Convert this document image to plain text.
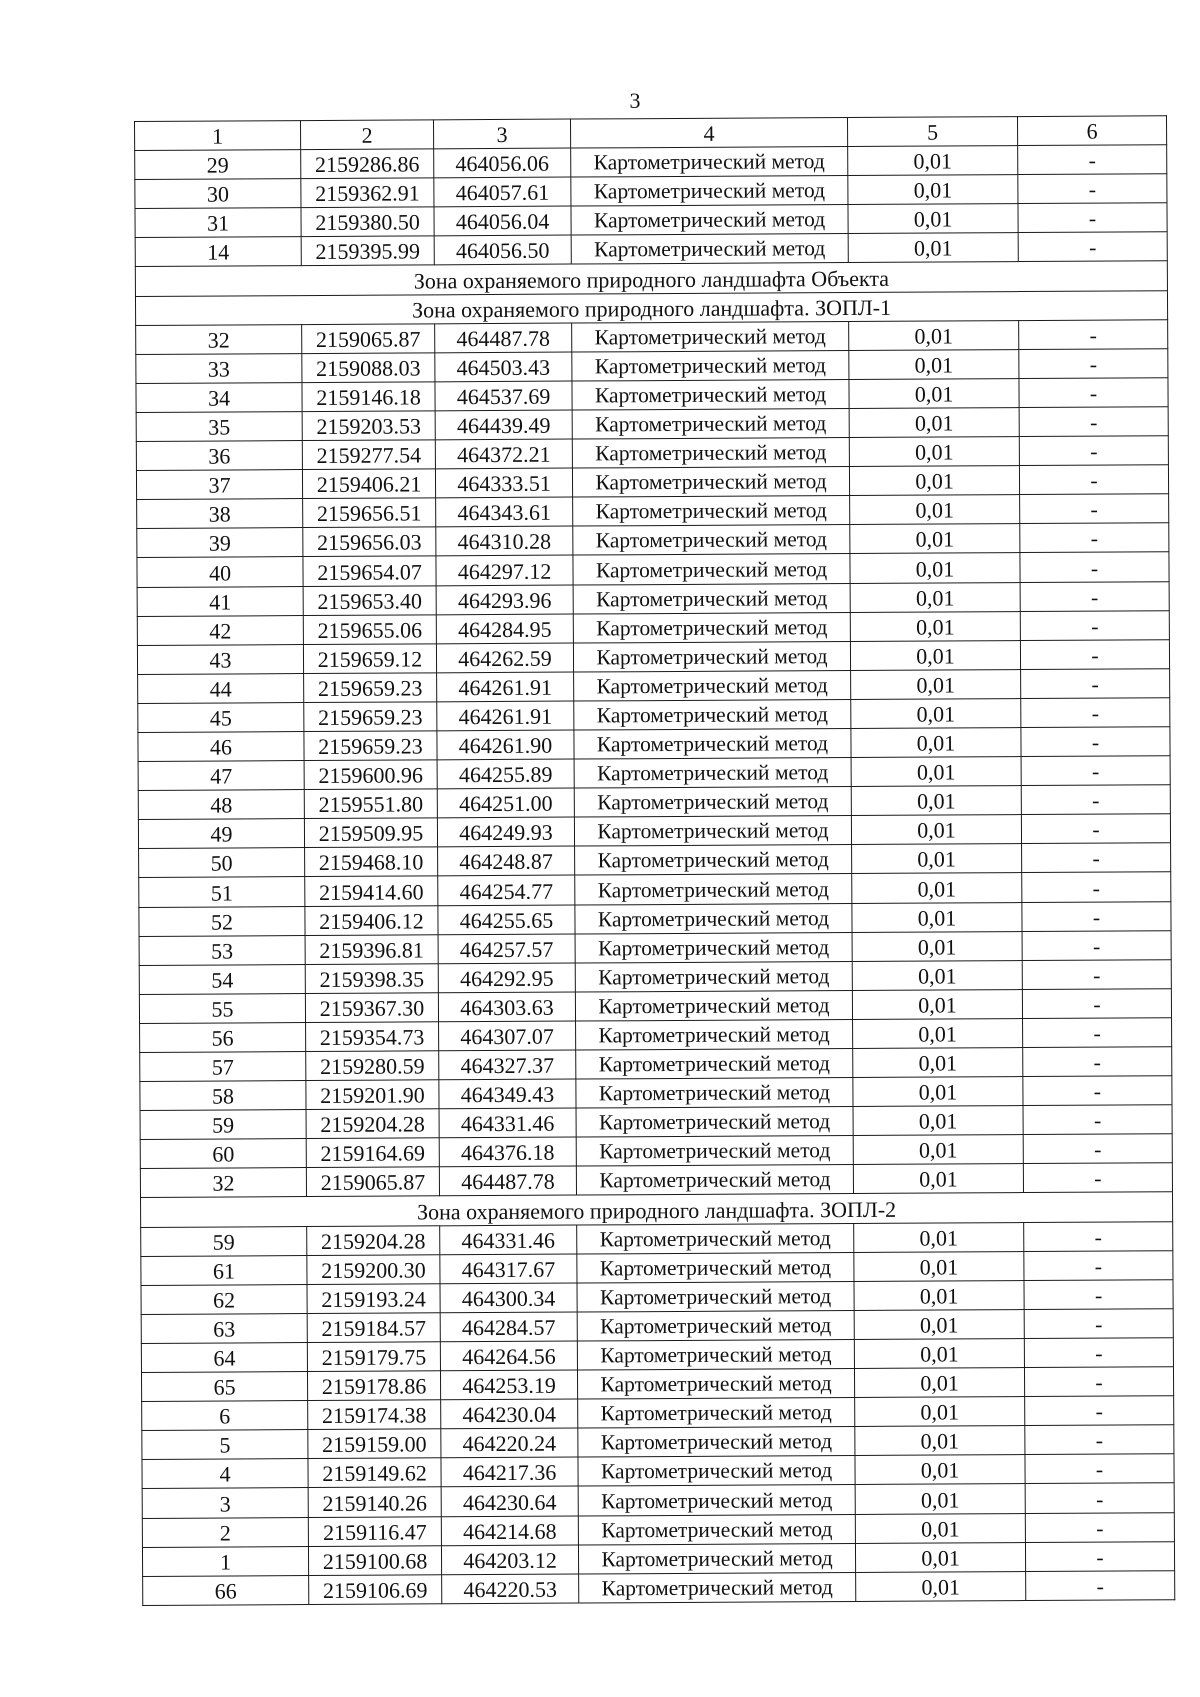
3
1	2	3	4	5	6
29	2159286.86	464056.06	Картометрический метод	0,01	-
30	2159362.91	464057.61	Картометрический метод	0,01	-
31	2159380.50	464056.04	Картометрический метод	0,01	-
14	2159395.99	464056.50	Картометрический метод	0,01	-
Зона охраняемого природного ландшафта Объекта					
Зона охраняемого природного ландшафта. ЗОПЛ-1					
32	2159065.87	464487.78	Картометрический метод	0,01	-
33	2159088.03	464503.43	Картометрический метод	0,01	-
34	2159146.18	464537.69	Картометрический метод	0,01	-
35	2159203.53	464439.49	Картометрический метод	0,01	-
36	2159277.54	464372.21	Картометрический метод	0,01	-
37	2159406.21	464333.51	Картометрический метод	0,01	-
38	2159656.51	464343.61	Картометрический метод	0,01	-
39	2159656.03	464310.28	Картометрический метод	0,01	-
40	2159654.07	464297.12	Картометрический метод	0,01	-
41	2159653.40	464293.96	Картометрический метод	0,01	-
42	2159655.06	464284.95	Картометрический метод	0,01	-
43	2159659.12	464262.59	Картометрический метод	0,01	-
44	2159659.23	464261.91	Картометрический метод	0,01	-
45	2159659.23	464261.91	Картометрический метод	0,01	-
46	2159659.23	464261.90	Картометрический метод	0,01	-
47	2159600.96	464255.89	Картометрический метод	0,01	-
48	2159551.80	464251.00	Картометрический метод	0,01	-
49	2159509.95	464249.93	Картометрический метод	0,01	-
50	2159468.10	464248.87	Картометрический метод	0,01	-
51	2159414.60	464254.77	Картометрический метод	0,01	-
52	2159406.12	464255.65	Картометрический метод	0,01	-
53	2159396.81	464257.57	Картометрический метод	0,01	-
54	2159398.35	464292.95	Картометрический метод	0,01	-
55	2159367.30	464303.63	Картометрический метод	0,01	-
56	2159354.73	464307.07	Картометрический метод	0,01	-
57	2159280.59	464327.37	Картометрический метод	0,01	-
58	2159201.90	464349.43	Картометрический метод	0,01	-
59	2159204.28	464331.46	Картометрический метод	0,01	-
60	2159164.69	464376.18	Картометрический метод	0,01	-
32	2159065.87	464487.78	Картометрический метод	0,01	-
Зона охраняемого природного ландшафта. ЗОПЛ-2					
59	2159204.28	464331.46	Картометрический метод	0,01	-
61	2159200.30	464317.67	Картометрический метод	0,01	-
62	2159193.24	464300.34	Картометрический метод	0,01	-
63	2159184.57	464284.57	Картометрический метод	0,01	-
64	2159179.75	464264.56	Картометрический метод	0,01	-
65	2159178.86	464253.19	Картометрический метод	0,01	-
6	2159174.38	464230.04	Картометрический метод	0,01	-
5	2159159.00	464220.24	Картометрический метод	0,01	-
4	2159149.62	464217.36	Картометрический метод	0,01	-
3	2159140.26	464230.64	Картометрический метод	0,01	-
2	2159116.47	464214.68	Картометрический метод	0,01	-
1	2159100.68	464203.12	Картометрический метод	0,01	-
66	2159106.69	464220.53	Картометрический метод	0,01	-
